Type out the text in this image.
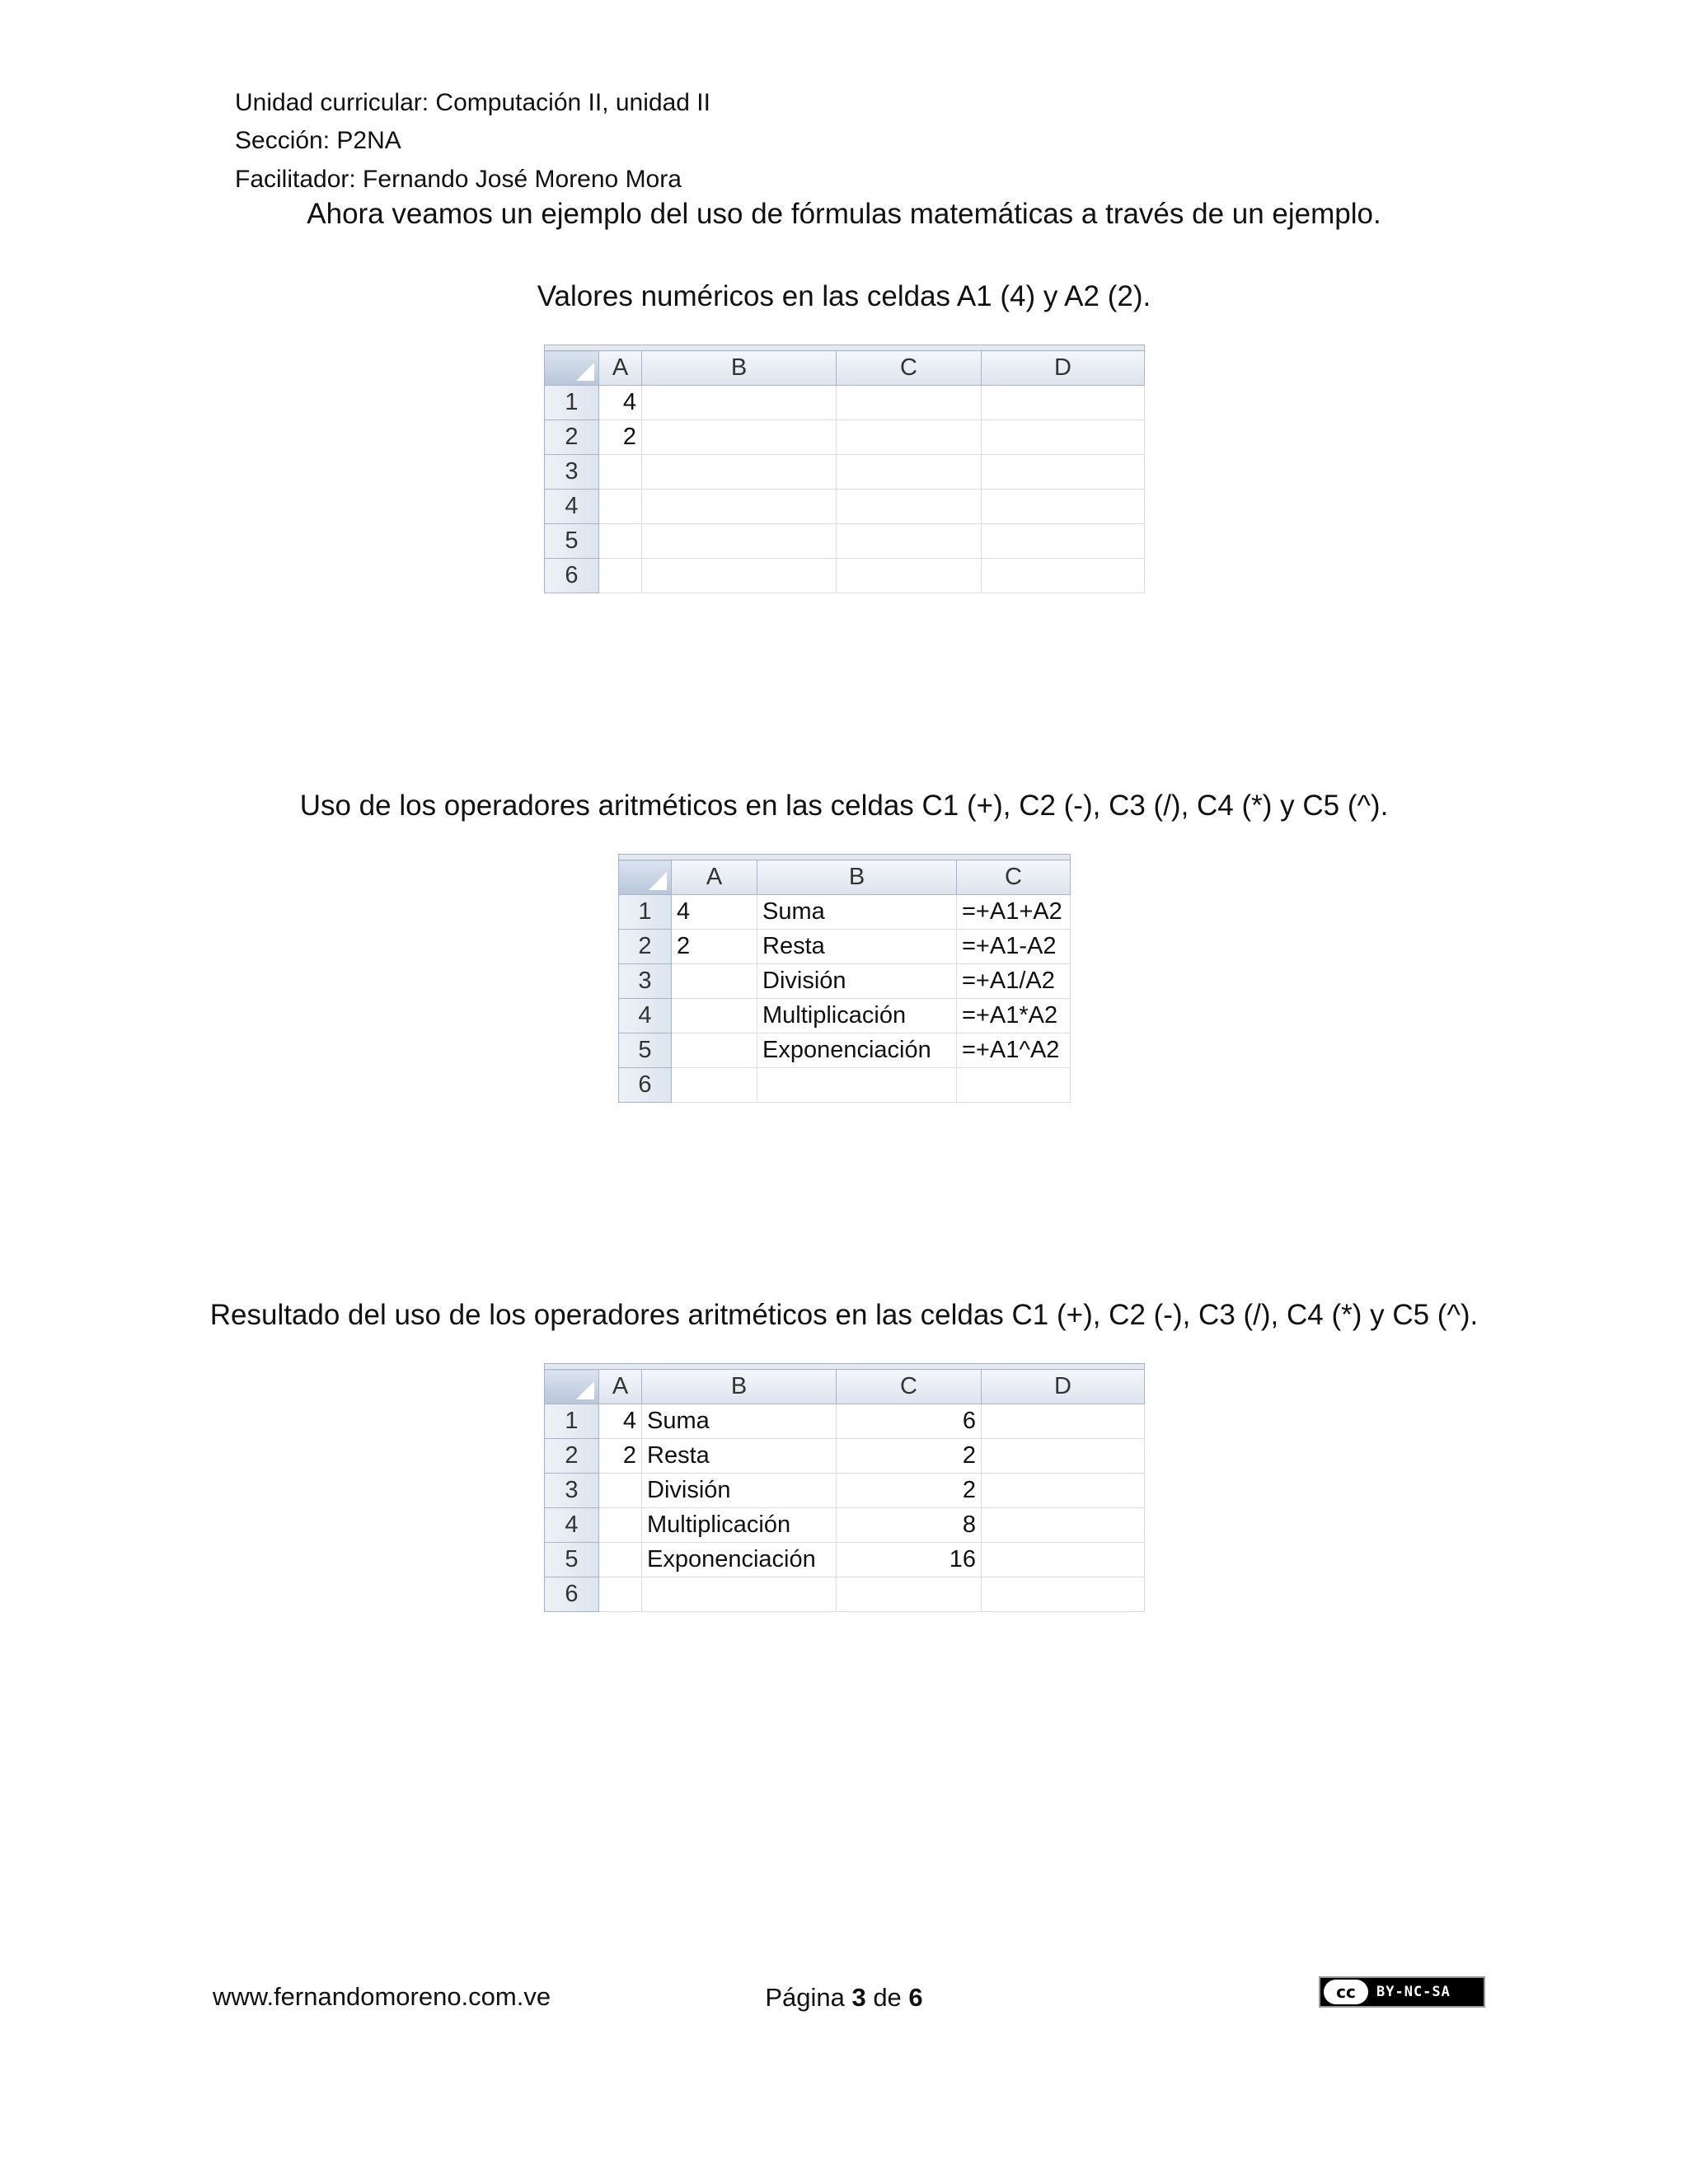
Unidad curricular: Computación II, unidad II
Sección: P2NA
Facilitador: Fernando José Moreno Mora
Ahora veamos un ejemplo del uso de fórmulas matemáticas a través de un ejemplo.
Valores numéricos en las celdas A1 (4) y A2 (2).

	A	B	C	D
1	4			
2	2			
3				
4				
5				
6				
Uso de los operadores aritméticos en las celdas C1 (+), C2 (-), C3 (/), C4 (*) y C5 (^).

	A	B	C
1	4	Suma	=+A1+A2
2	2	Resta	=+A1-A2
3		División	=+A1/A2
4		Multiplicación	=+A1*A2
5		Exponenciación	=+A1^A2
6			
Resultado del uso de los operadores aritméticos en las celdas C1 (+), C2 (-), C3 (/), C4 (*) y C5 (^).

	A	B	C	D
1	4	Suma	6	
2	2	Resta	2	
3		División	2	
4		Multiplicación	8	
5		Exponenciación	16	
6				
www.fernandomoreno.com.ve	Página 3 de 6	cc	BY-NC-SA
